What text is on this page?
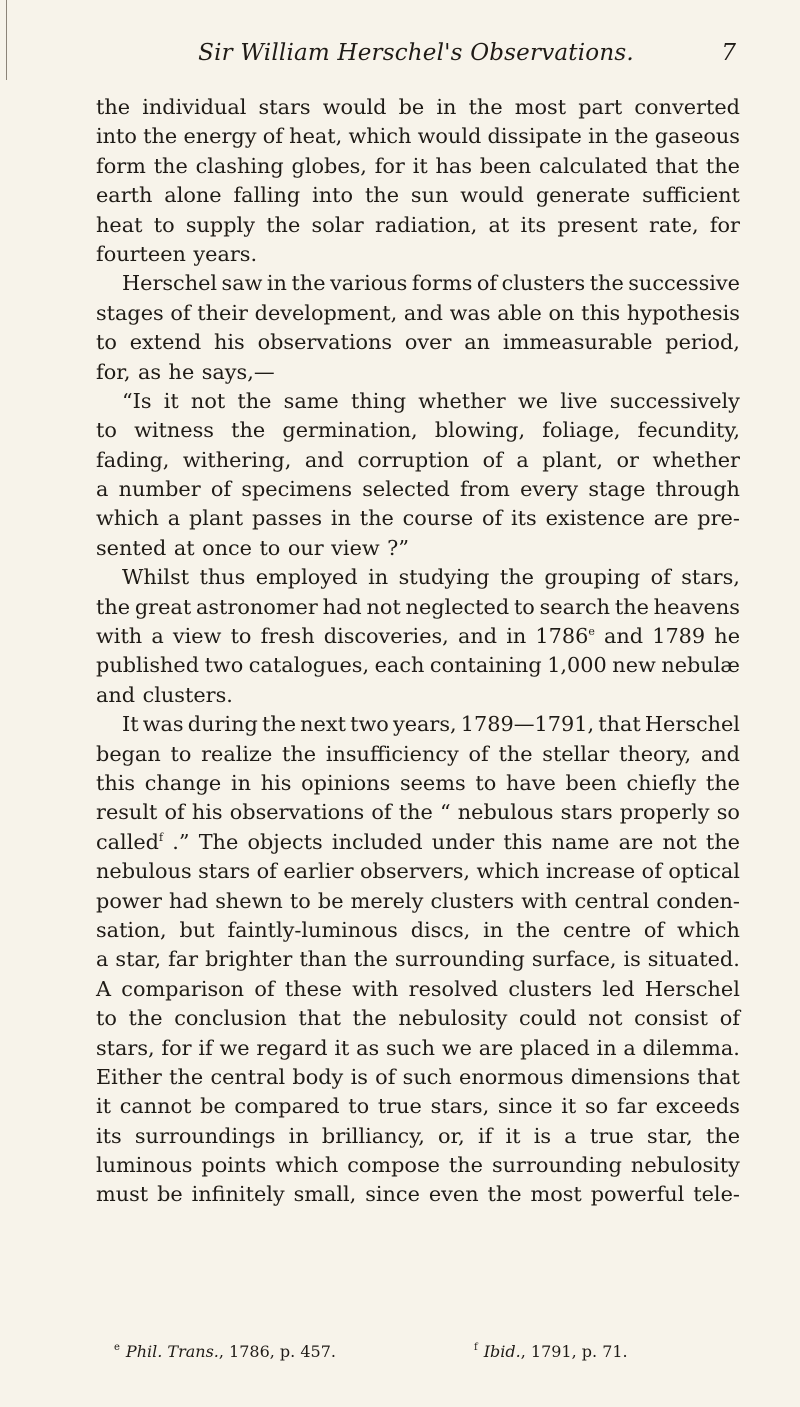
Sir William Herschel's Observations.	7
the individual stars would be in the most part converted
into the energy of heat, which would dissipate in the gaseous
form the clashing globes, for it has been calculated that the
earth alone falling into the sun would generate sufficient
heat to supply the solar radiation, at its present rate, for
fourteen years.
Herschel saw in the various forms of clusters the successive
stages of their development, and was able on this hypothesis
to extend his observations over an immeasurable period,
for, as he says,—
“Is it not the same thing whether we live successively
to witness the germination, blowing, foliage, fecundity,
fading, withering, and corruption of a plant, or whether
a number of specimens selected from every stage through
which a plant passes in the course of its existence are pre-
sented at once to our view ?”
Whilst thus employed in studying the grouping of stars,
the great astronomer had not neglected to search the heavens
with a view to fresh discoveries, and in 1786e and 1789 he
published two catalogues, each containing 1,000 new nebulæ
and clusters.
It was during the next two years, 1789—1791, that Herschel
began to realize the insufficiency of the stellar theory, and
this change in his opinions seems to have been chiefly the
result of his observations of the “ nebulous stars properly so
called$^f$ .” The objects included under this name are not the
nebulous stars of earlier observers, which increase of optical
power had shewn to be merely clusters with central conden-
sation, but faintly-luminous discs, in the centre of which
a star, far brighter than the surrounding surface, is situated.
A comparison of these with resolved clusters led Herschel
to the conclusion that the nebulosity could not consist of
stars, for if we regard it as such we are placed in a dilemma.
Either the central body is of such enormous dimensions that
it cannot be compared to true stars, since it so far exceeds
its surroundings in brilliancy, or, if it is a true star, the
luminous points which compose the surrounding nebulosity
must be infinitely small, since even the most powerful tele-
$^e$ Phil. Trans., 1786, p. 457.	$^f$ Ibid., 1791, p. 71.
